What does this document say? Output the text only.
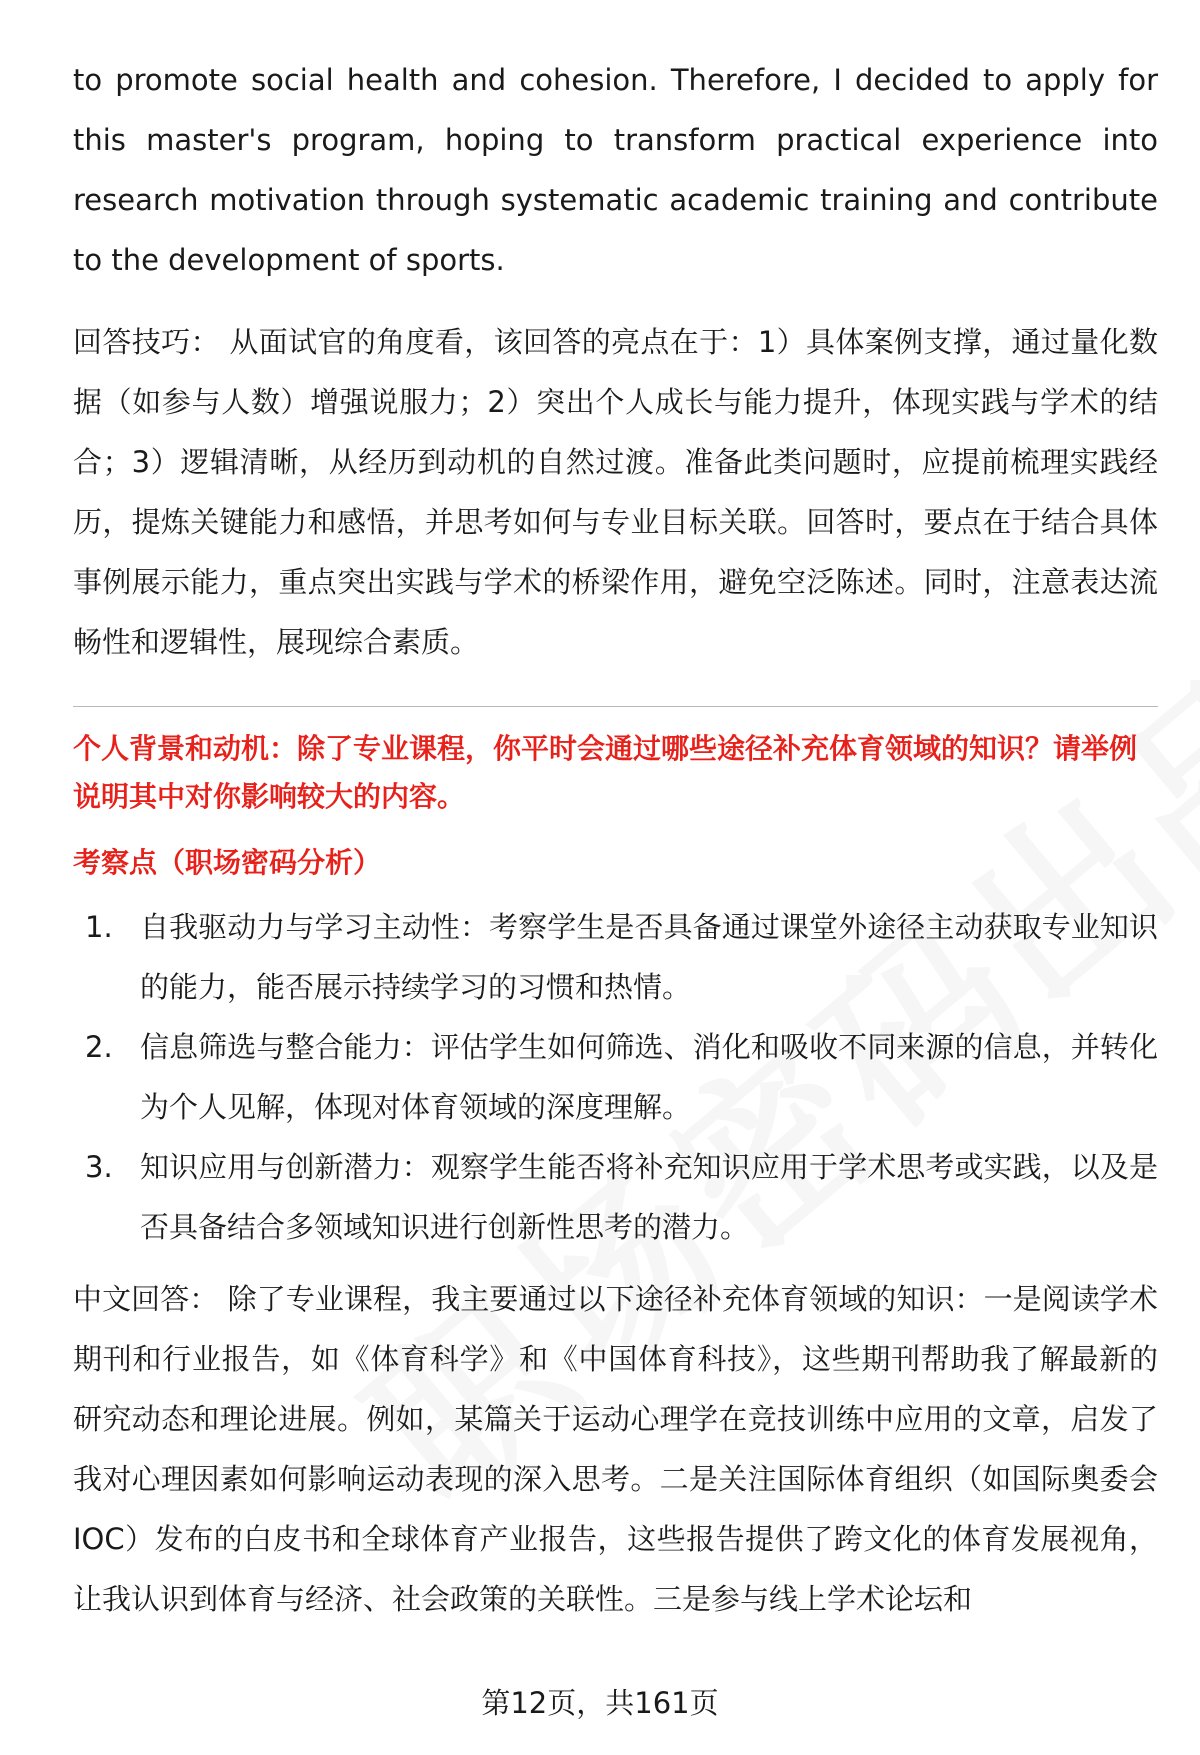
to promote social health and cohesion. Therefore, I decided to apply for this master's program, hoping to transform practical experience into research motivation through systematic academic training and contribute to the development of sports.

回答技巧： 从面试官的角度看，该回答的亮点在于：1）具体案例支撑，通过量化数据（如参与人数）增强说服力；2）突出个人成长与能力提升，体现实践与学术的结合；3）逻辑清晰，从经历到动机的自然过渡。准备此类问题时，应提前梳理实践经历，提炼关键能力和感悟，并思考如何与专业目标关联。回答时，要点在于结合具体事例展示能力，重点突出实践与学术的桥梁作用，避免空泛陈述。同时，注意表达流畅性和逻辑性，展现综合素质。

个人背景和动机：除了专业课程，你平时会通过哪些途径补充体育领域的知识？请举例说明其中对你影响较大的内容。

考察点（职场密码分析）

1. 自我驱动力与学习主动性：考察学生是否具备通过课堂外途径主动获取专业知识的能力，能否展示持续学习的习惯和热情。
2. 信息筛选与整合能力：评估学生如何筛选、消化和吸收不同来源的信息，并转化为个人见解，体现对体育领域的深度理解。
3. 知识应用与创新潜力：观察学生能否将补充知识应用于学术思考或实践，以及是否具备结合多领域知识进行创新性思考的潜力。

中文回答： 除了专业课程，我主要通过以下途径补充体育领域的知识：一是阅读学术期刊和行业报告，如《体育科学》和《中国体育科技》，这些期刊帮助我了解最新的研究动态和理论进展。例如，某篇关于运动心理学在竞技训练中应用的文章，启发了我对心理因素如何影响运动表现的深入思考。二是关注国际体育组织（如国际奥委会IOC）发布的白皮书和全球体育产业报告，这些报告提供了跨文化的体育发展视角，让我认识到体育与经济、社会政策的关联性。三是参与线上学术论坛和

第12页，共161页
